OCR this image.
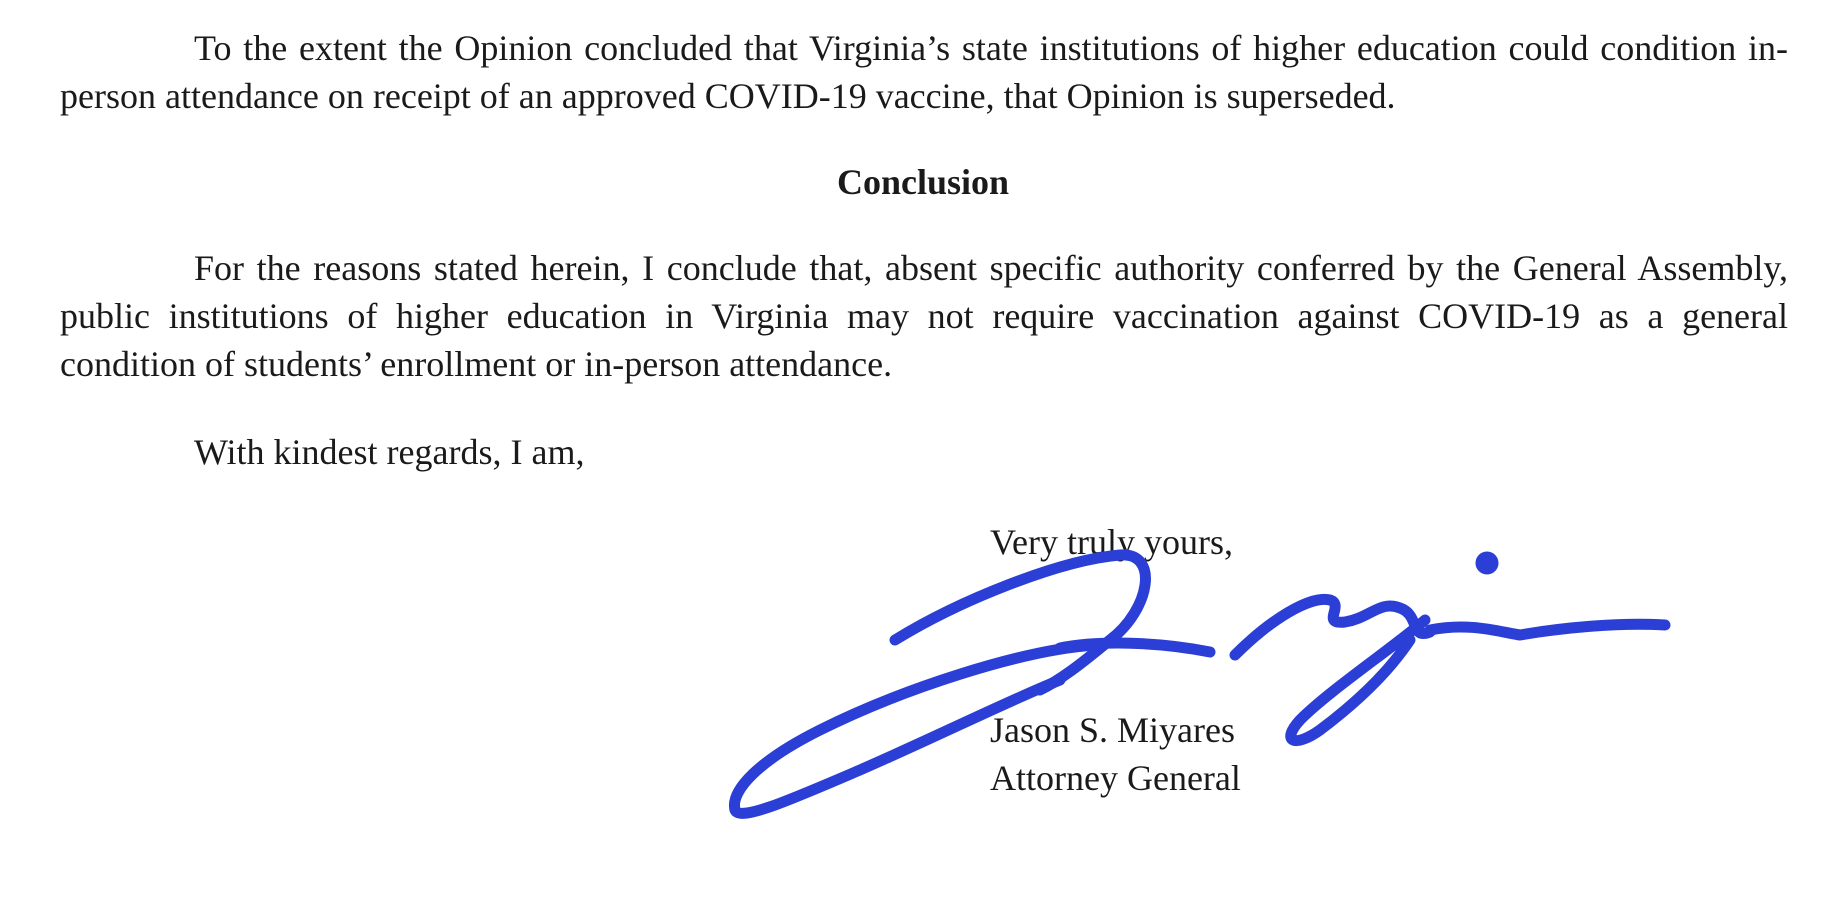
To the extent the Opinion concluded that Virginia’s state institutions of higher education could condition in-person attendance on receipt of an approved COVID-19 vaccine, that Opinion is superseded.

Conclusion

For the reasons stated herein, I conclude that, absent specific authority conferred by the General Assembly, public institutions of higher education in Virginia may not require vaccination against COVID-19 as a general condition of students’ enrollment or in-person attendance.

With kindest regards, I am,

Very truly yours,

Jason S. Miyares

Attorney General
